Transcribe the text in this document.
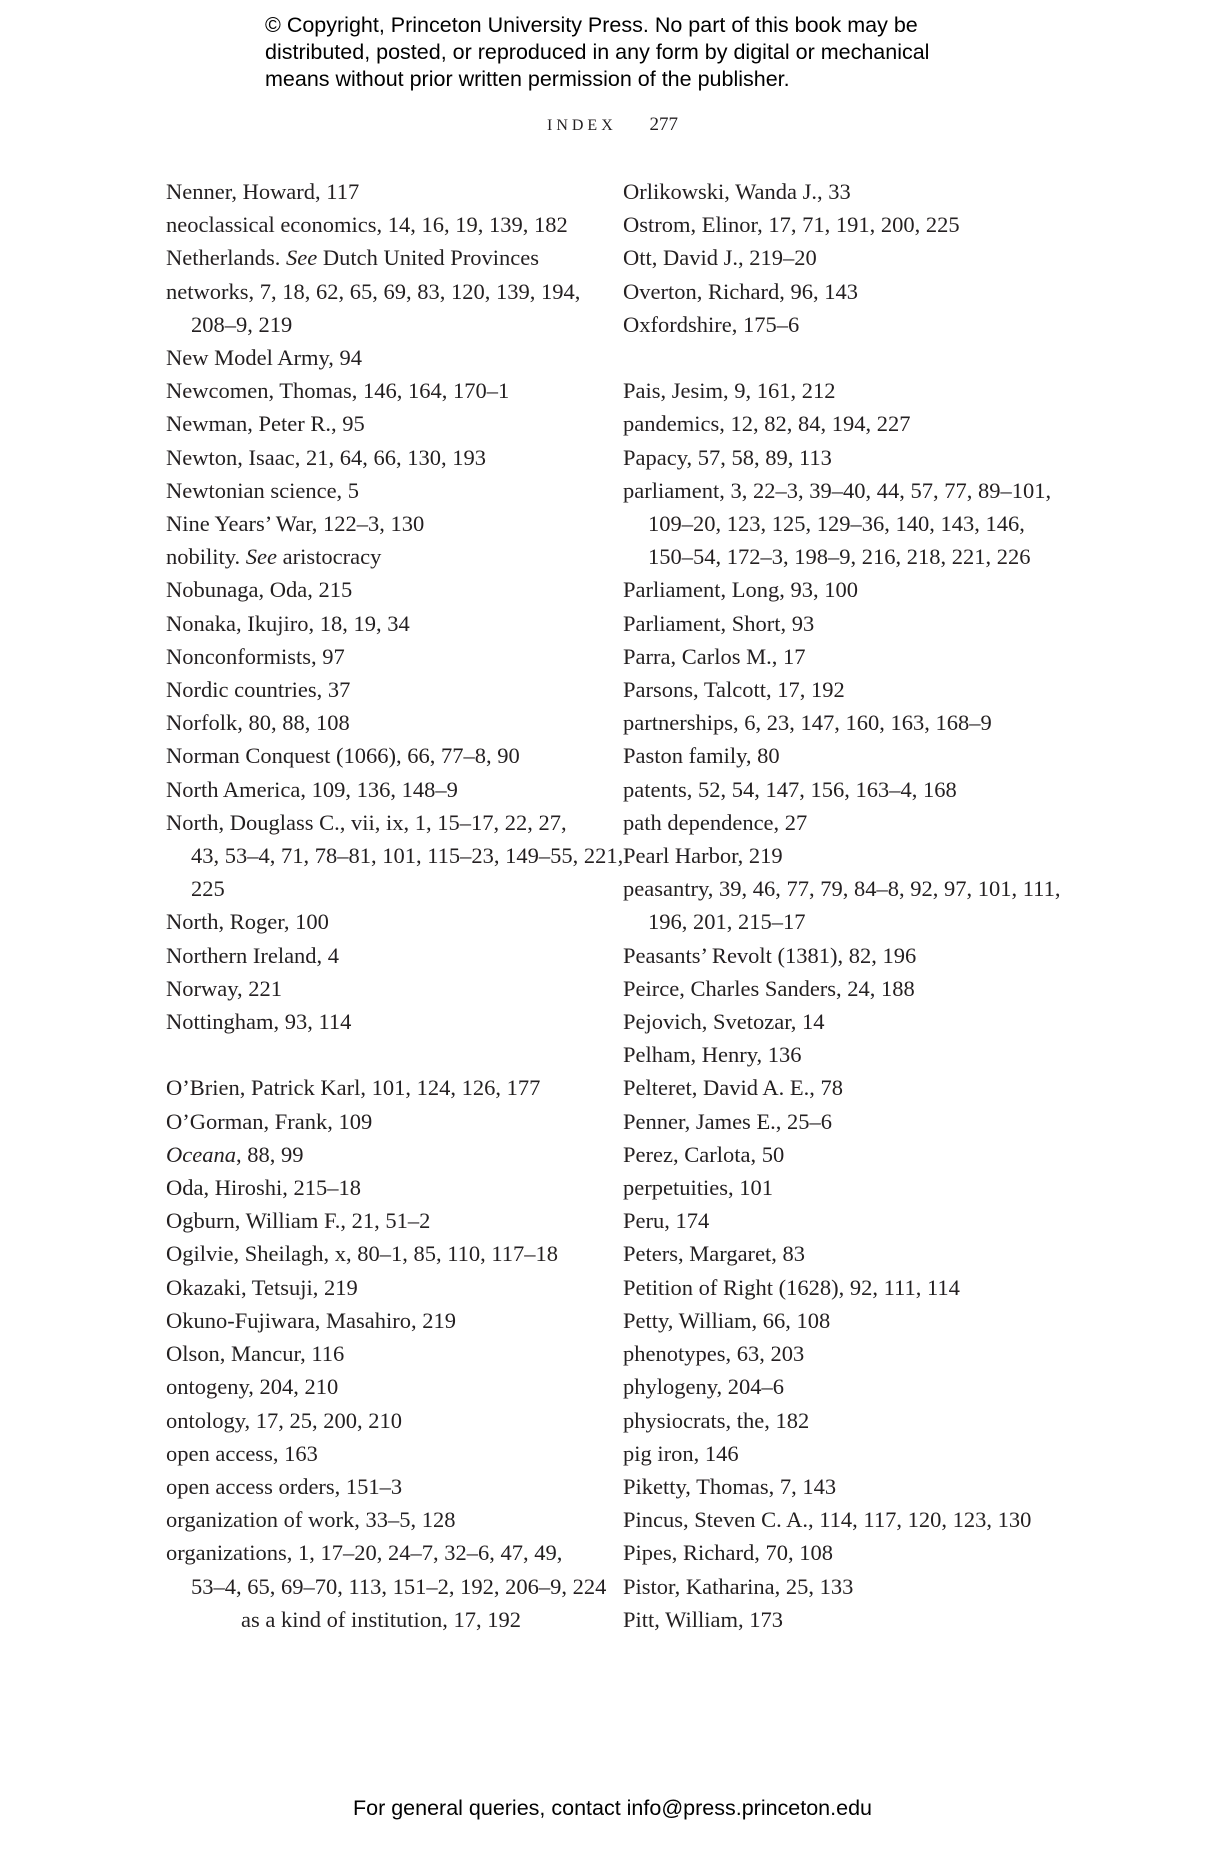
© Copyright, Princeton University Press. No part of this book may be
distributed, posted, or reproduced in any form by digital or mechanical
means without prior written permission of the publisher.
INDEX 277
Nenner, Howard, 117
neoclassical economics, 14, 16, 19, 139, 182
Netherlands. See Dutch United Provinces
networks, 7, 18, 62, 65, 69, 83, 120, 139, 194,
208–9, 219
New Model Army, 94
Newcomen, Thomas, 146, 164, 170–1
Newman, Peter R., 95
Newton, Isaac, 21, 64, 66, 130, 193
Newtonian science, 5
Nine Years’ War, 122–3, 130
nobility. See aristocracy
Nobunaga, Oda, 215
Nonaka, Ikujiro, 18, 19, 34
Nonconformists, 97
Nordic countries, 37
Norfolk, 80, 88, 108
Norman Conquest (1066), 66, 77–8, 90
North America, 109, 136, 148–9
North, Douglass C., vii, ix, 1, 15–17, 22, 27,
43, 53–4, 71, 78–81, 101, 115–23, 149–55, 221,
225
North, Roger, 100
Northern Ireland, 4
Norway, 221
Nottingham, 93, 114
O’Brien, Patrick Karl, 101, 124, 126, 177
O’Gorman, Frank, 109
Oceana, 88, 99
Oda, Hiroshi, 215–18
Ogburn, William F., 21, 51–2
Ogilvie, Sheilagh, x, 80–1, 85, 110, 117–18
Okazaki, Tetsuji, 219
Okuno-Fujiwara, Masahiro, 219
Olson, Mancur, 116
ontogeny, 204, 210
ontology, 17, 25, 200, 210
open access, 163
open access orders, 151–3
organization of work, 33–5, 128
organizations, 1, 17–20, 24–7, 32–6, 47, 49,
53–4, 65, 69–70, 113, 151–2, 192, 206–9, 224
as a kind of institution, 17, 192
Orlikowski, Wanda J., 33
Ostrom, Elinor, 17, 71, 191, 200, 225
Ott, David J., 219–20
Overton, Richard, 96, 143
Oxfordshire, 175–6
Pais, Jesim, 9, 161, 212
pandemics, 12, 82, 84, 194, 227
Papacy, 57, 58, 89, 113
parliament, 3, 22–3, 39–40, 44, 57, 77, 89–101,
109–20, 123, 125, 129–36, 140, 143, 146,
150–54, 172–3, 198–9, 216, 218, 221, 226
Parliament, Long, 93, 100
Parliament, Short, 93
Parra, Carlos M., 17
Parsons, Talcott, 17, 192
partnerships, 6, 23, 147, 160, 163, 168–9
Paston family, 80
patents, 52, 54, 147, 156, 163–4, 168
path dependence, 27
Pearl Harbor, 219
peasantry, 39, 46, 77, 79, 84–8, 92, 97, 101, 111,
196, 201, 215–17
Peasants’ Revolt (1381), 82, 196
Peirce, Charles Sanders, 24, 188
Pejovich, Svetozar, 14
Pelham, Henry, 136
Pelteret, David A. E., 78
Penner, James E., 25–6
Perez, Carlota, 50
perpetuities, 101
Peru, 174
Peters, Margaret, 83
Petition of Right (1628), 92, 111, 114
Petty, William, 66, 108
phenotypes, 63, 203
phylogeny, 204–6
physiocrats, the, 182
pig iron, 146
Piketty, Thomas, 7, 143
Pincus, Steven C. A., 114, 117, 120, 123, 130
Pipes, Richard, 70, 108
Pistor, Katharina, 25, 133
Pitt, William, 173
For general queries, contact info@press.princeton.edu
